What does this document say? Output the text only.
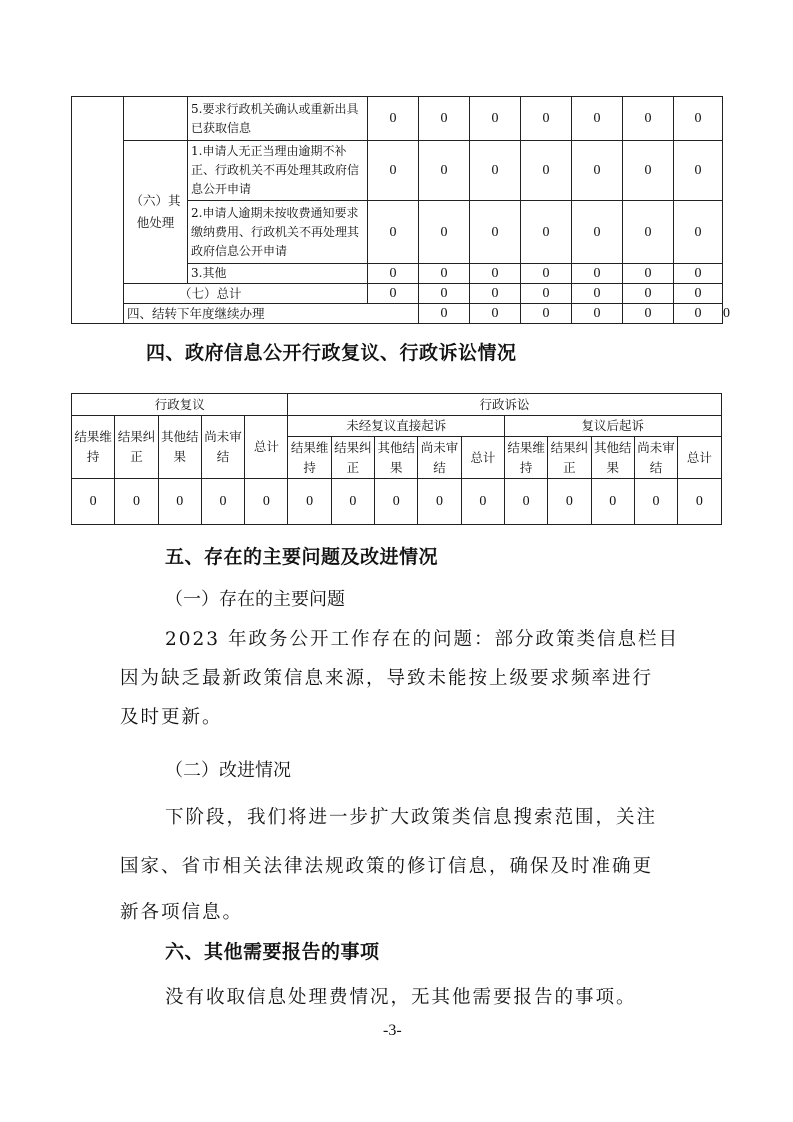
		5.要求行政机关确认或重新出具已获取信息	0	0	0	0	0	0	0	
	（六）其他处理	1.申请人无正当理由逾期不补正、行政机关不再处理其政府信息公开申请	0	0	0	0	0	0	0	
		2.申请人逾期未按收费通知要求缴纳费用、行政机关不再处理其政府信息公开申请	0	0	0	0	0	0	0	
		3.其他	0	0	0	0	0	0	0	
	（七）总计		0	0	0	0	0	0	0	
	四、结转下年度继续办理			0	0	0	0	0	0	0
四、政府信息公开行政复议、行政诉讼情况
行政复议					行政诉讼									
结果维持	结果纠正	其他结果	尚未审结	总计	未经复议直接起诉					复议后起诉				
					结果维持	结果纠正	其他结果	尚未审结	总计	结果维持	结果纠正	其他结果	尚未审结	总计
0	0	0	0	0	0	0	0	0	0	0	0	0	0	0
五、存在的主要问题及改进情况
（一）存在的主要问题
2023 年政务公开工作存在的问题：部分政策类信息栏目
因为缺乏最新政策信息来源，导致未能按上级要求频率进行
及时更新。
（二）改进情况
下阶段，我们将进一步扩大政策类信息搜索范围，关注
国家、省市相关法律法规政策的修订信息，确保及时准确更
新各项信息。
六、其他需要报告的事项
没有收取信息处理费情况，无其他需要报告的事项。
-3-
